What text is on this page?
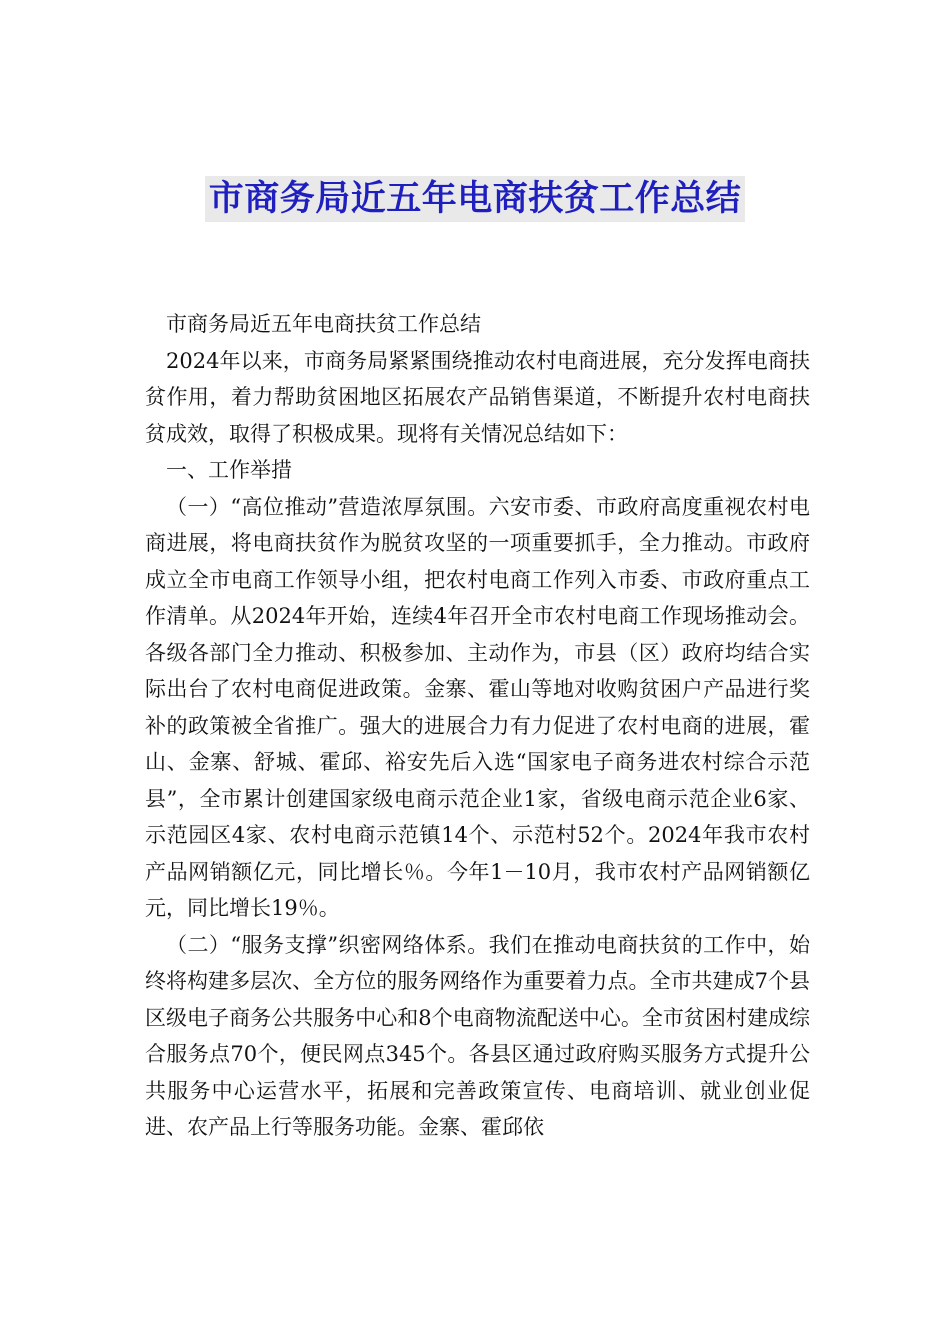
市商务局近五年电商扶贫工作总结

市商务局近五年电商扶贫工作总结

2024年以来，市商务局紧紧围绕推动农村电商进展，充分发挥电商扶贫作用，着力帮助贫困地区拓展农产品销售渠道，不断提升农村电商扶贫成效，取得了积极成果。现将有关情况总结如下：

一、工作举措

（一）“高位推动”营造浓厚氛围。六安市委、市政府高度重视农村电商进展，将电商扶贫作为脱贫攻坚的一项重要抓手，全力推动。市政府成立全市电商工作领导小组，把农村电商工作列入市委、市政府重点工作清单。从2024年开始，连续4年召开全市农村电商工作现场推动会。各级各部门全力推动、积极参加、主动作为，市县（区）政府均结合实际出台了农村电商促进政策。金寨、霍山等地对收购贫困户产品进行奖补的政策被全省推广。强大的进展合力有力促进了农村电商的进展，霍山、金寨、舒城、霍邱、裕安先后入选“国家电子商务进农村综合示范县”，全市累计创建国家级电商示范企业1家，省级电商示范企业6家、示范园区4家、农村电商示范镇14个、示范村52个。2024年我市农村产品网销额亿元，同比增长％。今年1－10月，我市农村产品网销额亿元，同比增长19％。

（二）“服务支撑”织密网络体系。我们在推动电商扶贫的工作中，始终将构建多层次、全方位的服务网络作为重要着力点。全市共建成7个县区级电子商务公共服务中心和8个电商物流配送中心。全市贫困村建成综合服务点70个，便民网点345个。各县区通过政府购买服务方式提升公共服务中心运营水平，拓展和完善政策宣传、电商培训、就业创业促进、农产品上行等服务功能。金寨、霍邱依
